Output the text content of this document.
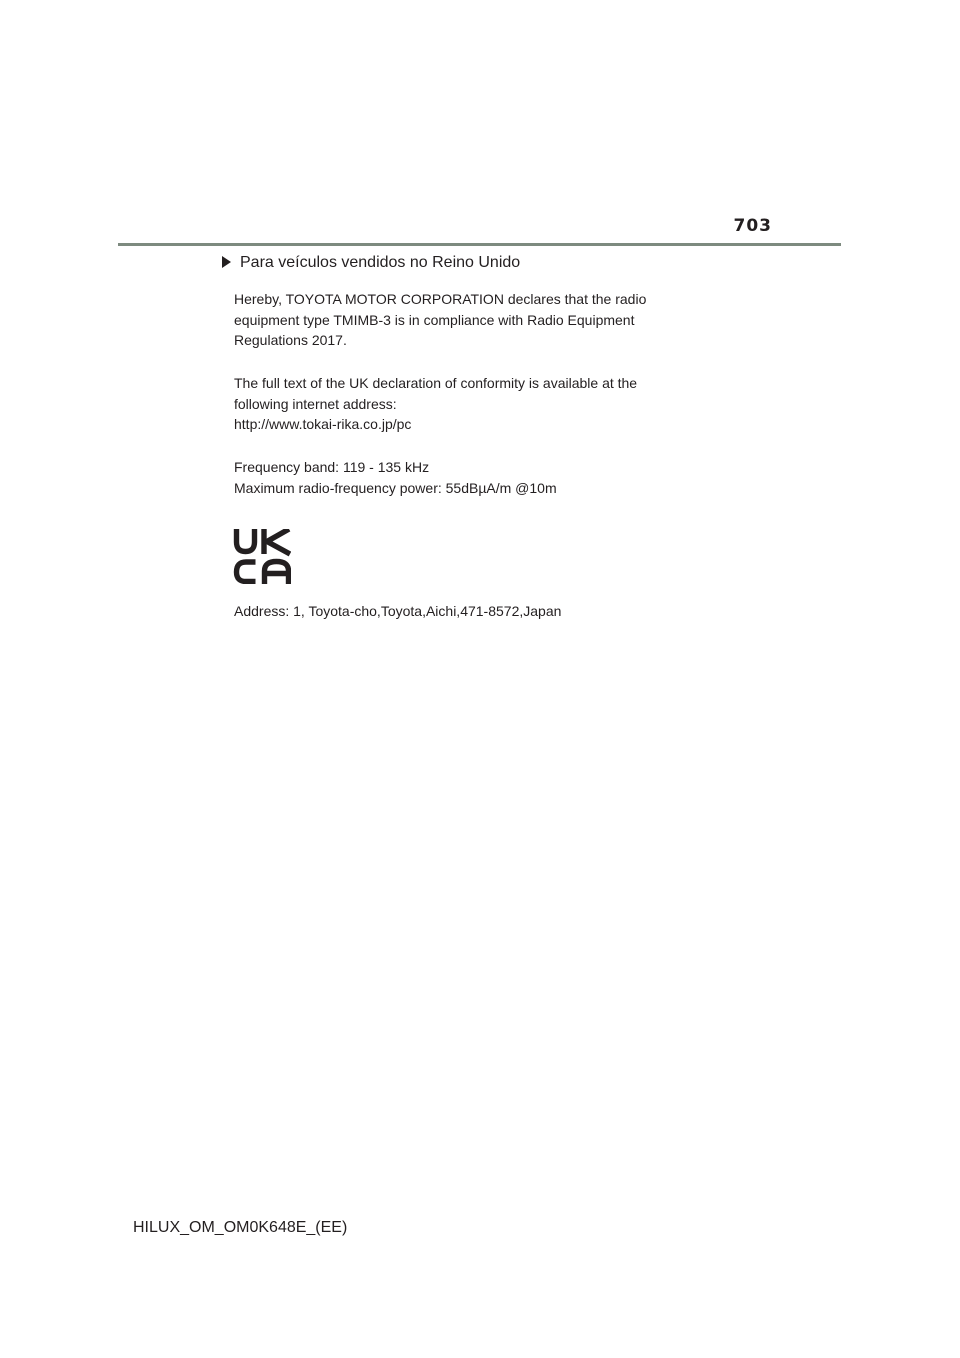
703
Para veículos vendidos no Reino Unido

Hereby, TOYOTA MOTOR CORPORATION declares that the radio
equipment type TMIMB-3 is in compliance with Radio Equipment
Regulations 2017.

The full text of the UK declaration of conformity is available at the
following internet address:
http://www.tokai-rika.co.jp/pc

Frequency band: 119 - 135 kHz
Maximum radio-frequency power: 55dBµA/m @10m

Address: 1, Toyota-cho,Toyota,Aichi,471-8572,Japan

HILUX_OM_OM0K648E_(EE)
